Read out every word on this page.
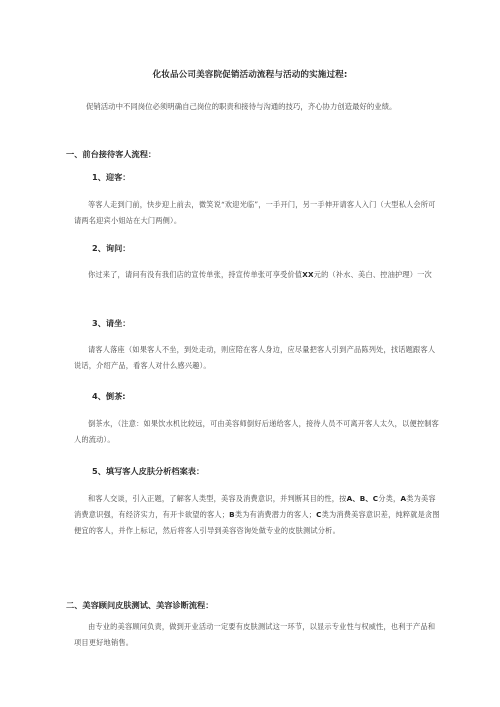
化妆品公司美容院促销活动流程与活动的实施过程:
促销活动中不同岗位必须明确自己岗位的职责和接待与沟通的技巧，齐心协力创造最好的业绩。
一、前台接待客人流程：
1、迎客：
等客人走到门前，快步迎上前去，微笑说“欢迎光临”，一手开门，另一手伸开请客人入门（大型私人会所可请两名迎宾小姐站在大门两侧）。
2、询问：
你过来了，请问有没有我们店的宣传单张，持宣传单张可享受价值XX元的（补水、美白、控油护理）一次
3、请坐：
请客人落座（如果客人不坐，到处走动，则应陪在客人身边，应尽量把客人引到产品陈列处，找话题跟客人说话，介绍产品，看客人对什么感兴趣）。
4、倒茶:
倒茶水，（注意：如果饮水机比较远，可由美容师倒好后递给客人，接待人员不可离开客人太久，以便控制客人的流动）。
5、填写客人皮肤分析档案表：
和客人交谈，引入正题，了解客人类型，美容及消费意识，并判断其目的性，按A、B、C分类，A类为美容消费意识强，有经济实力，有开卡欲望的客人；B类为有消费潜力的客人；C类为消费美容意识差，纯粹就是贪图便宜的客人，并作上标记，然后将客人引导到美容咨询处做专业的皮肤测试分析。
二、美容顾问皮肤测试、美容诊断流程：
由专业的美容顾问负责，做到开业活动一定要有皮肤测试这一环节，以显示专业性与权威性，也利于产品和项目更好地销售。
